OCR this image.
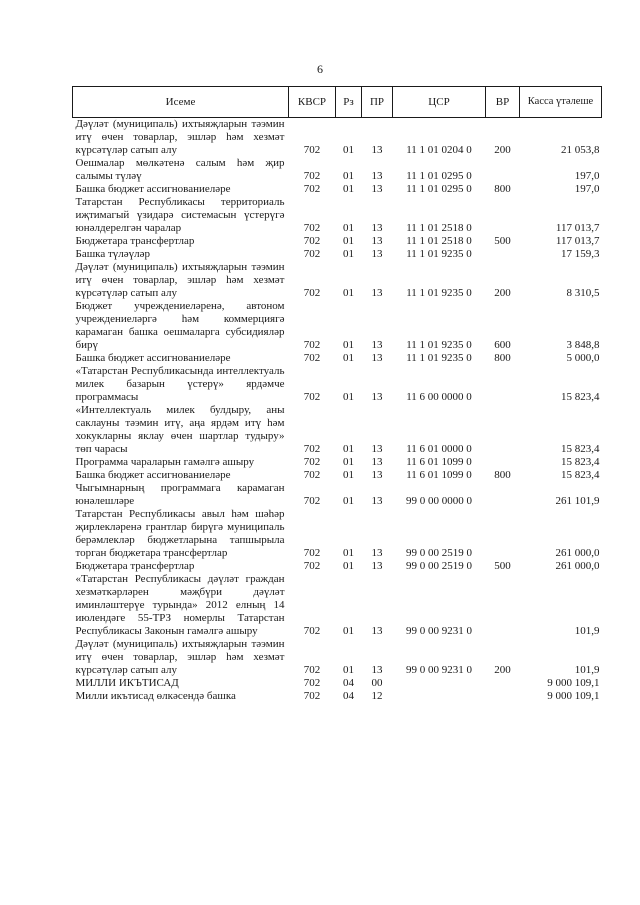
6
Исеме	КВСР	Рз	ПР	ЦСР	ВР	Касса үтәлеше
Дәүләт (муниципаль) ихтыяҗларын тәэмин итү өчен товарлар, эшләр һәм хезмәт күрсәтүләр сатып алу	702	01	13	11 1 01 0204 0	200	21 053,8
Оешмалар мөлкәтенә салым һәм җир салымы түләү	702	01	13	11 1 01 0295 0		197,0
Башка бюджет ассигнованиеләре	702	01	13	11 1 01 0295 0	800	197,0
Татарстан Республикасы территориаль иҗтимагый үзидарә системасын үстерүгә юнәлдерелгән чаралар	702	01	13	11 1 01 2518 0		117 013,7
Бюджетара трансфертлар	702	01	13	11 1 01 2518 0	500	117 013,7
Башка түләүләр	702	01	13	11 1 01 9235 0		17 159,3
Дәүләт (муниципаль) ихтыяҗларын тәэмин итү өчен товарлар, эшләр һәм хезмәт күрсәтүләр сатып алу	702	01	13	11 1 01 9235 0	200	8 310,5
Бюджет учреждениеләренә, автоном учреждениеләргә һәм коммерциягә карамаган башка оешмаларга субсидияләр бирү	702	01	13	11 1 01 9235 0	600	3 848,8
Башка бюджет ассигнованиеләре	702	01	13	11 1 01 9235 0	800	5 000,0
«Татарстан Республикасында интеллектуаль милек базарын үстерү» ярдәмче программасы	702	01	13	11 6 00 0000 0		15 823,4
«Интеллектуаль милек булдыру, аны саклауны тәэмин итү, аңа ярдәм итү һәм хокукларны яклау өчен шартлар тудыру» төп чарасы	702	01	13	11 6 01 0000 0		15 823,4
Программа чараларын гамәлгә ашыру	702	01	13	11 6 01 1099 0		15 823,4
Башка бюджет ассигнованиеләре	702	01	13	11 6 01 1099 0	800	15 823,4
Чыгымнарның программага карамаган юнәлешләре	702	01	13	99 0 00 0000 0		261 101,9
Татарстан Республикасы авыл һәм шәһәр җирлекләренә грантлар бирүгә муниципаль берәмлекләр бюджетларына тапшырыла торган бюджетара трансфертлар	702	01	13	99 0 00 2519 0		261 000,0
Бюджетара трансфертлар	702	01	13	99 0 00 2519 0	500	261 000,0
«Татарстан Республикасы дәүләт граждан хезмәткәрләрен мәҗбүри дәүләт иминләштерүе турында» 2012 елның 14 июлендәге 55-ТРЗ номерлы Татарстан Республикасы Законын гамәлгә ашыру	702	01	13	99 0 00 9231 0		101,9
Дәүләт (муниципаль) ихтыяҗларын тәэмин итү өчен товарлар, эшләр һәм хезмәт күрсәтүләр сатып алу	702	01	13	99 0 00 9231 0	200	101,9
МИЛЛИ ИКЪТИСАД	702	04	00			9 000 109,1
Милли икътисад өлкәсендә башка	702	04	12			9 000 109,1
